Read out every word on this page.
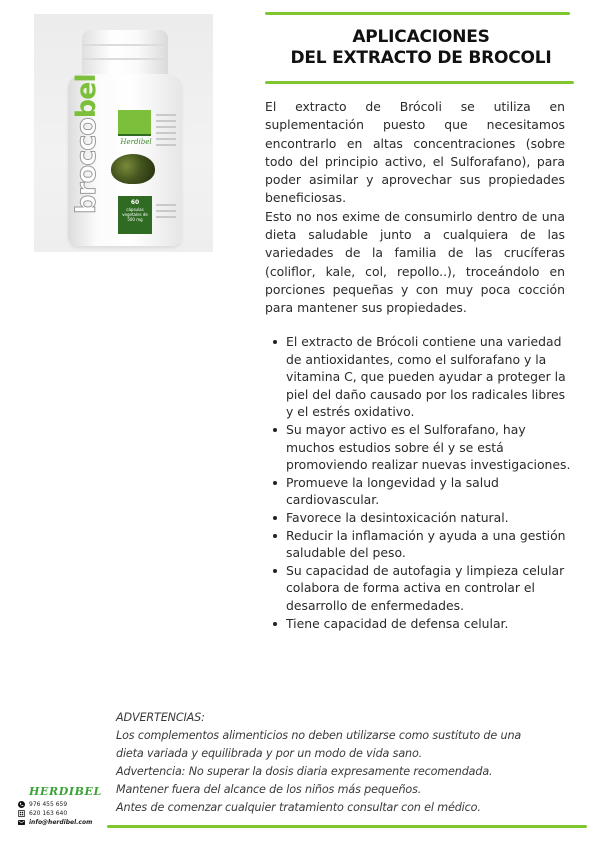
broccobel
Herdibel
60
cápsulas vegetales de 500 mg
APLICACIONES
DEL EXTRACTO DE BROCOLI

El extracto de Brócoli se utiliza en suplementación puesto que necesitamos encontrarlo en altas concentraciones (sobre todo del principio activo, el Sulforafano), para poder asimilar y aprovechar sus propiedades beneficiosas.

Esto no nos exime de consumirlo dentro de una dieta saludable junto a cualquiera de las variedades de la familia de las crucíferas (coliflor, kale, col, repollo..), troceándolo en porciones pequeñas y con muy poca cocción para mantener sus propiedades.

El extracto de Brócoli contiene una variedad de antioxidantes, como el sulforafano y la vitamina C, que pueden ayudar a proteger la piel del daño causado por los radicales libres y el estrés oxidativo.
Su mayor activo es el Sulforafano, hay muchos estudios sobre él y se está promoviendo realizar nuevas investigaciones.
Promueve la longevidad y la salud cardiovascular.
Favorece la desintoxicación natural.
Reducir la inflamación y ayuda a una gestión saludable del peso.
Su capacidad de autofagia y limpieza celular colabora de forma activa en controlar el desarrollo de enfermedades.
Tiene capacidad de defensa celular.
ADVERTENCIAS:
Los complementos alimenticios no deben utilizarse como sustituto de una
dieta variada y equilibrada y por un modo de vida sano.
Advertencia: No superar la dosis diaria expresamente recomendada.
Mantener fuera del alcance de los niños más pequeños.
Antes de comenzar cualquier tratamiento consultar con el médico.
HERDIBEL
976 455 659
620 163 640
info@herdibel.com
